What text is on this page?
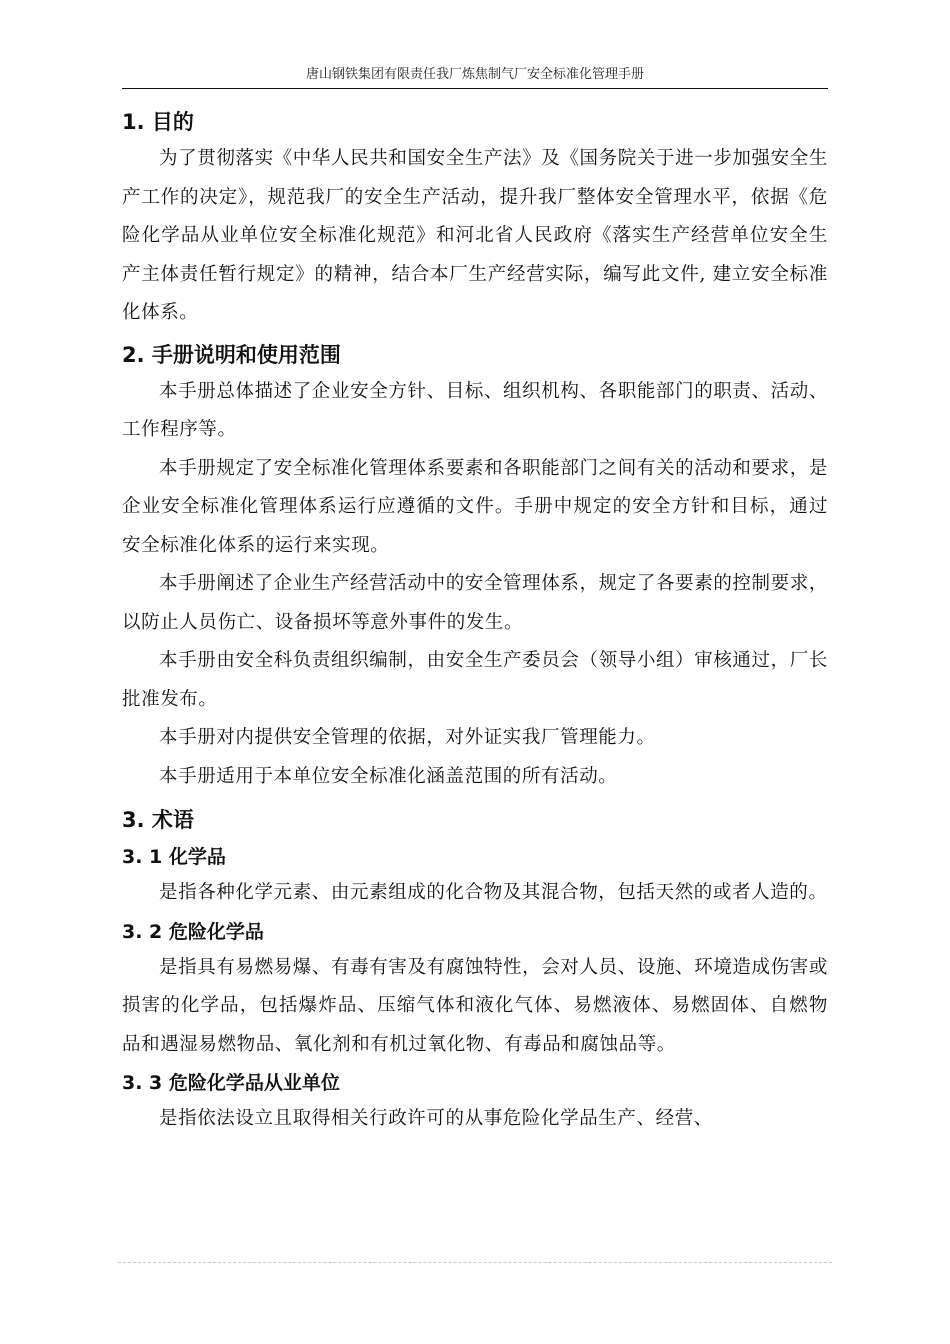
唐山钢铁集团有限责任我厂炼焦制气厂安全标准化管理手册
1. 目的

为了贯彻落实《中华人民共和国安全生产法》及《国务院关于进一步加强安全生产工作的决定》，规范我厂的安全生产活动，提升我厂整体安全管理水平，依据《危险化学品从业单位安全标准化规范》和河北省人民政府《落实生产经营单位安全生产主体责任暂行规定》的精神，结合本厂生产经营实际，编写此文件, 建立安全标准化体系。

2. 手册说明和使用范围

本手册总体描述了企业安全方针、目标、组织机构、各职能部门的职责、活动、工作程序等。

本手册规定了安全标准化管理体系要素和各职能部门之间有关的活动和要求，是企业安全标准化管理体系运行应遵循的文件。手册中规定的安全方针和目标，通过安全标准化体系的运行来实现。

本手册阐述了企业生产经营活动中的安全管理体系，规定了各要素的控制要求，以防止人员伤亡、设备损坏等意外事件的发生。

本手册由安全科负责组织编制，由安全生产委员会（领导小组）审核通过，厂长批准发布。

本手册对内提供安全管理的依据，对外证实我厂管理能力。

本手册适用于本单位安全标准化涵盖范围的所有活动。

3. 术语
3. 1 化学品

是指各种化学元素、由元素组成的化合物及其混合物，包括天然的或者人造的。

3. 2 危险化学品

是指具有易燃易爆、有毒有害及有腐蚀特性，会对人员、设施、环境造成伤害或损害的化学品，包括爆炸品、压缩气体和液化气体、易燃液体、易燃固体、自燃物品和遇湿易燃物品、氧化剂和有机过氧化物、有毒品和腐蚀品等。

3. 3 危险化学品从业单位

是指依法设立且取得相关行政许可的从事危险化学品生产、经营、
